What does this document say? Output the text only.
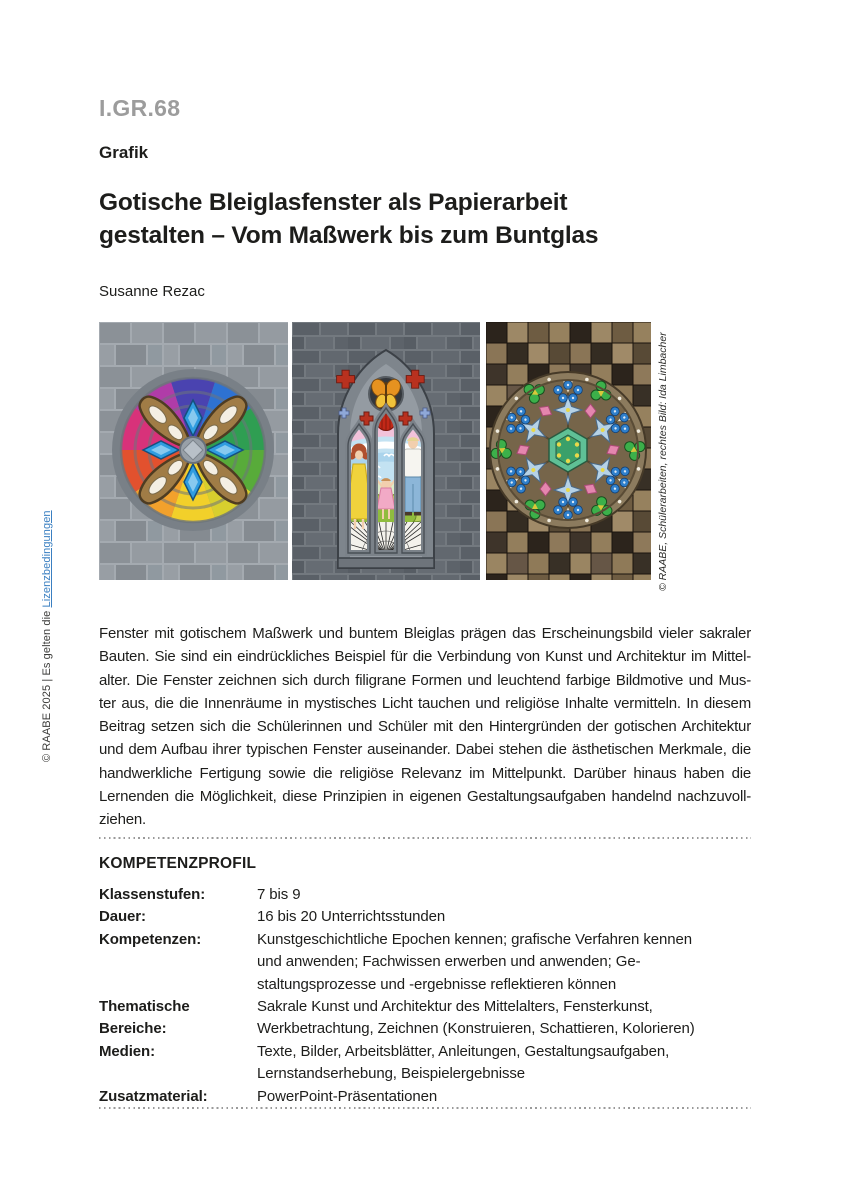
© RAABE 2025 | Es gelten die Lizenzbedingungen
I.GR.68
Grafik
Gotische Bleiglasfenster als Papierarbeit
gestalten – Vom Maßwerk bis zum Buntglas
Susanne Rezac
© RAABE, Schülerarbeiten, rechtes Bild: Ida Limbacher
Fenster mit gotischem Maßwerk und buntem Bleiglas prägen das Erscheinungsbild vieler sakraler
Bauten. Sie sind ein eindrückliches Beispiel für die Verbindung von Kunst und Architektur im Mittel-
alter. Die Fenster zeichnen sich durch filigrane Formen und leuchtend farbige Bildmotive und Mus-
ter aus, die die Innenräume in mystisches Licht tauchen und religiöse Inhalte vermitteln. In diesem
Beitrag setzen sich die Schülerinnen und Schüler mit den Hintergründen der gotischen Architektur
und dem Aufbau ihrer typischen Fenster auseinander. Dabei stehen die ästhetischen Merkmale, die
handwerkliche Fertigung sowie die religiöse Relevanz im Mittelpunkt. Darüber hinaus haben die
Lernenden die Möglichkeit, diese Prinzipien in eigenen Gestaltungsaufgaben handelnd nachzuvoll-
ziehen.
KOMPETENZPROFIL
Klassenstufen:	7 bis 9
Dauer:	16 bis 20 Unterrichtsstunden
Kompetenzen:	Kunstgeschichtliche Epochen kennen; grafische Verfahren kennen
und anwenden; Fachwissen erwerben und anwenden; Ge-
staltungsprozesse und -ergebnisse reflektieren können
Thematische Bereiche:
Sakrale Kunst und Architektur des Mittelalters, Fensterkunst,
Werkbetrachtung, Zeichnen (Konstruieren, Schattieren, Kolorieren)
Medien:	Texte, Bilder, Arbeitsblätter, Anleitungen, Gestaltungsaufgaben,
Lernstandserhebung, Beispielergebnisse
Zusatzmaterial:	PowerPoint-Präsentationen
